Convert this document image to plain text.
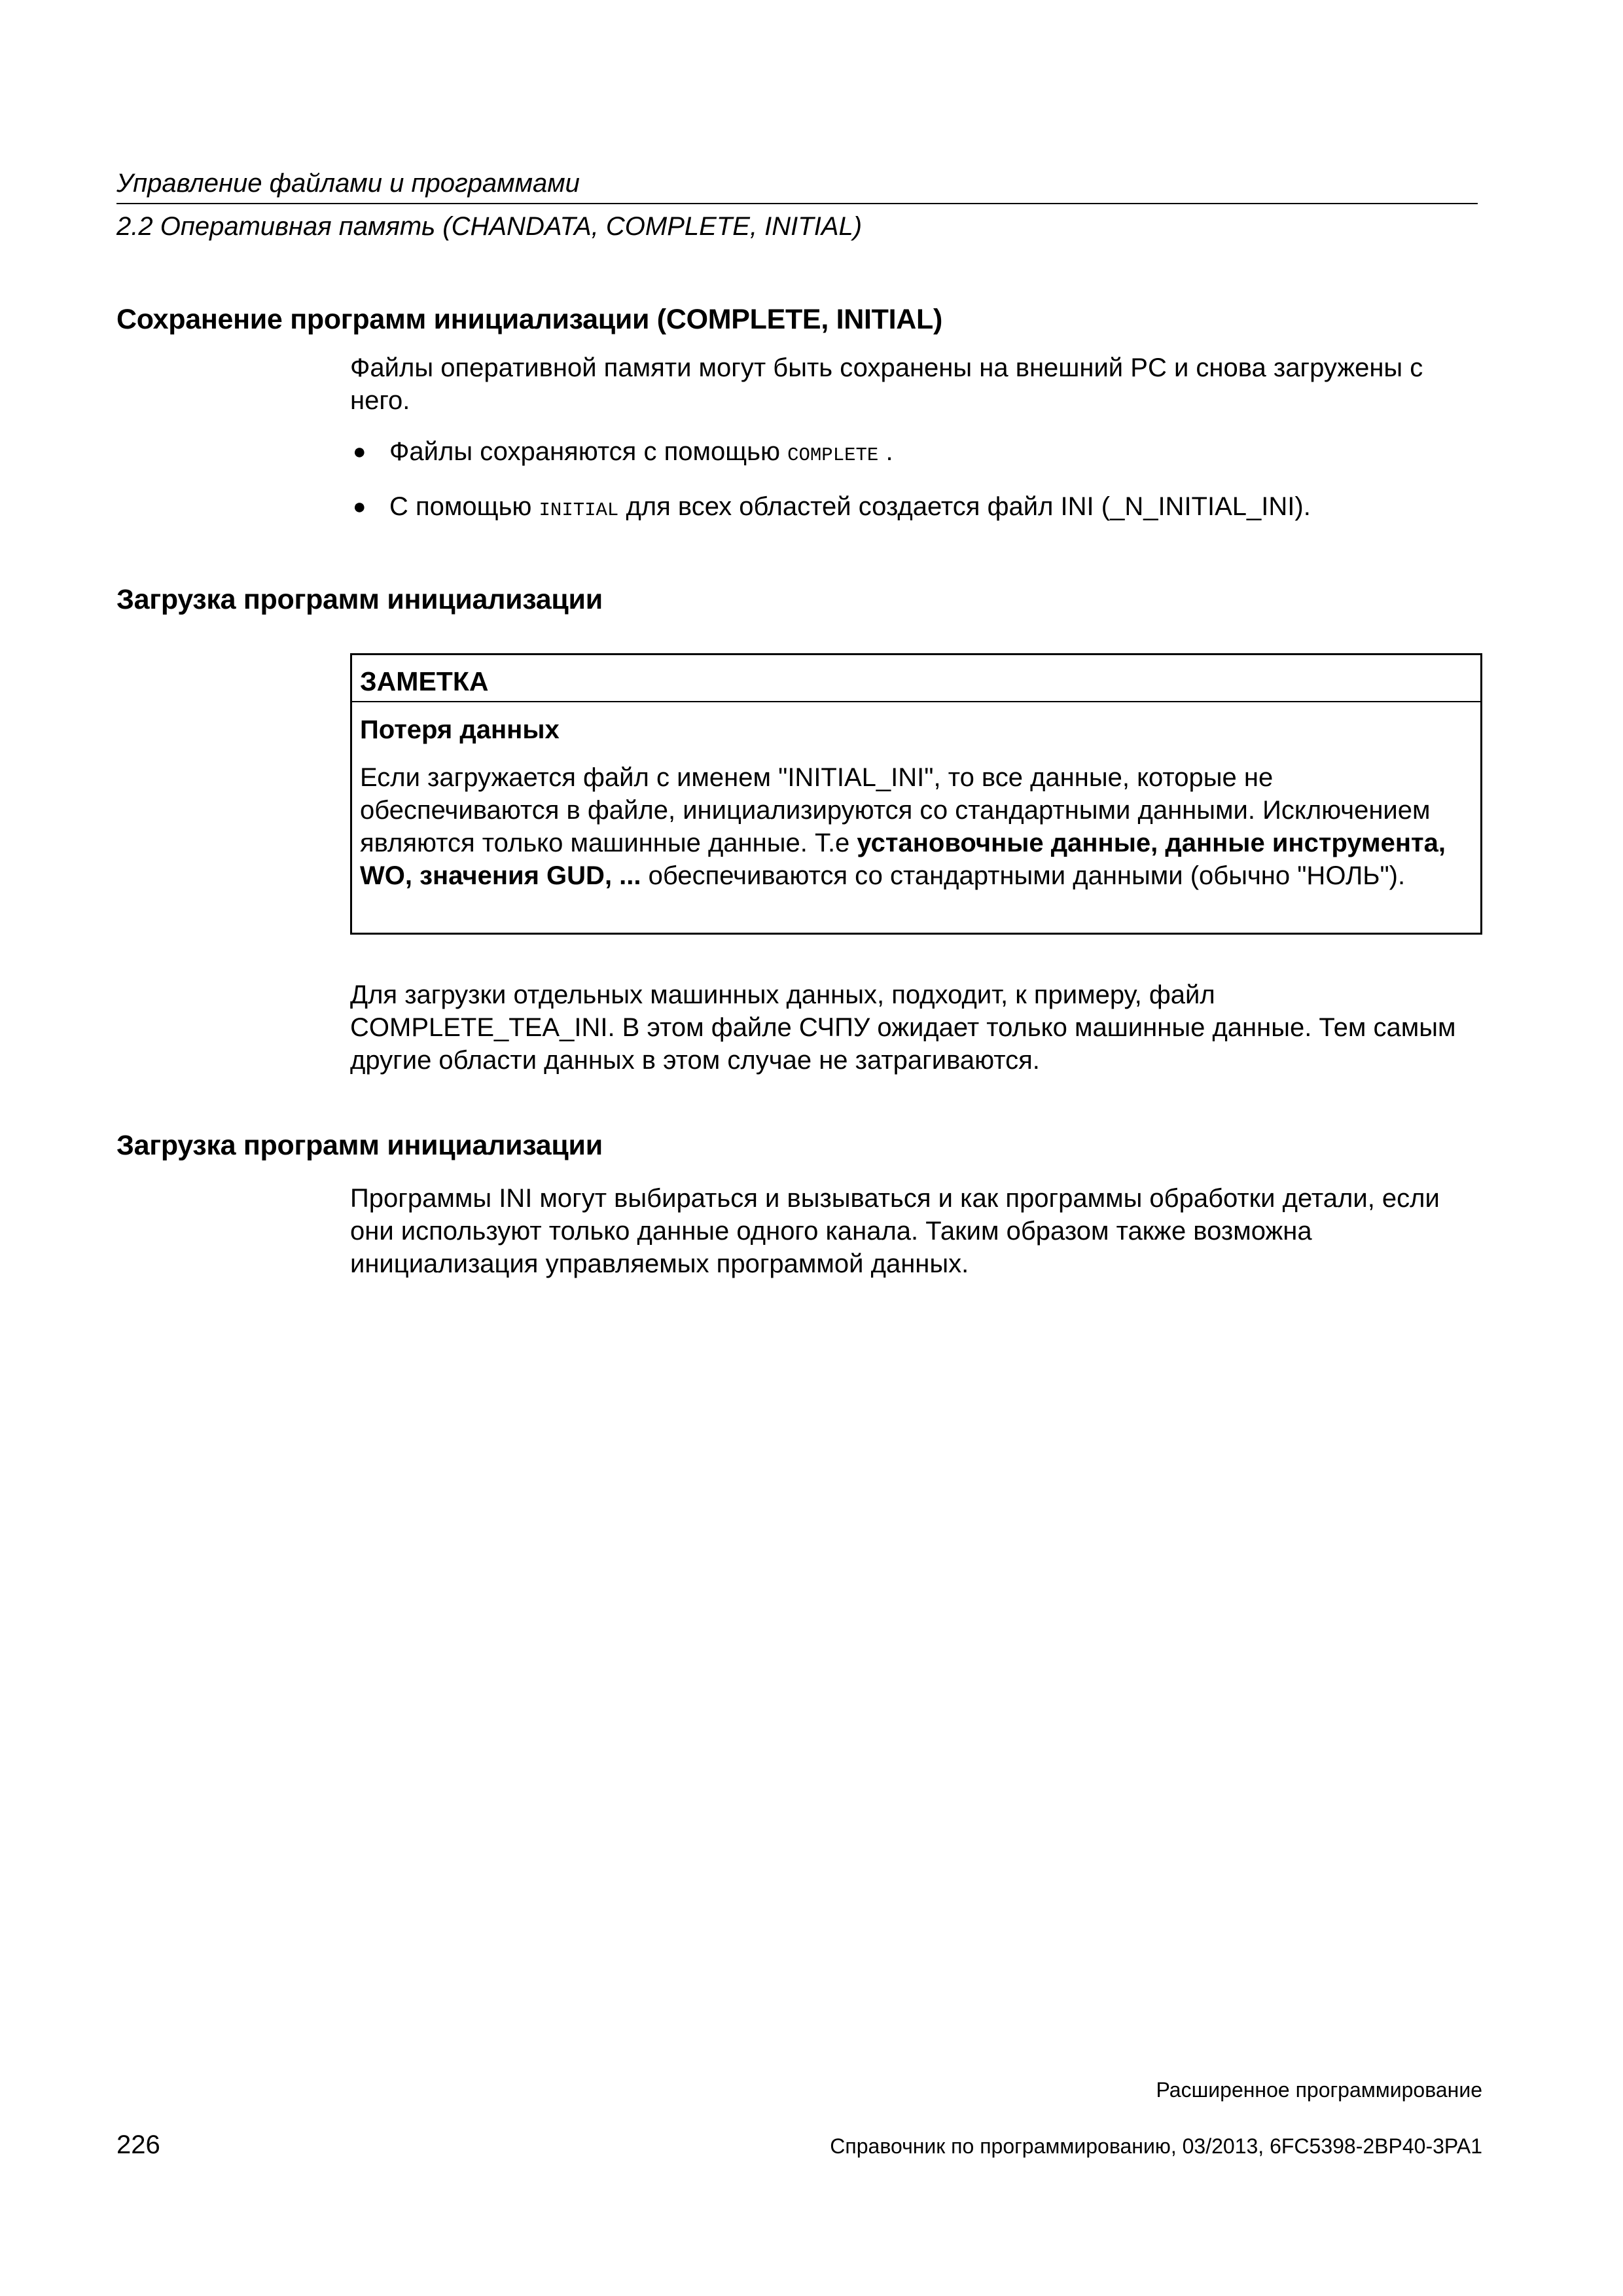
Управление файлами и программами
2.2 Оперативная память (CHANDATA, COMPLETE, INITIAL)
Сохранение программ инициализации (COMPLETE, INITIAL)

Файлы оперативной памяти могут быть сохранены на внешний PC и снова загружены с него.

● Файлы сохраняются с помощью COMPLETE .
● С помощью INITIAL для всех областей создается файл INI (_N_INITIAL_INI).
Загрузка программ инициализации
ЗАМЕТКА
Потеря данных
Если загружается файл с именем "INITIAL_INI", то все данные, которые не обеспечиваются в файле, инициализируются со стандартными данными. Исключением являются только машинные данные. Т.е установочные данные, данные инструмента, WO, значения GUD, ... обеспечиваются со стандартными данными (обычно "НОЛЬ").

Для загрузки отдельных машинных данных, подходит, к примеру, файл COMPLETE_TEA_INI. В этом файле СЧПУ ожидает только машинные данные. Тем самым другие области данных в этом случае не затрагиваются.

Загрузка программ инициализации

Программы INI могут выбираться и вызываться и как программы обработки детали, если они используют только данные одного канала. Таким образом также возможна инициализация управляемых программой данных.

Расширенное программирование
226	Справочник по программированию, 03/2013, 6FC5398-2BP40-3PA1
